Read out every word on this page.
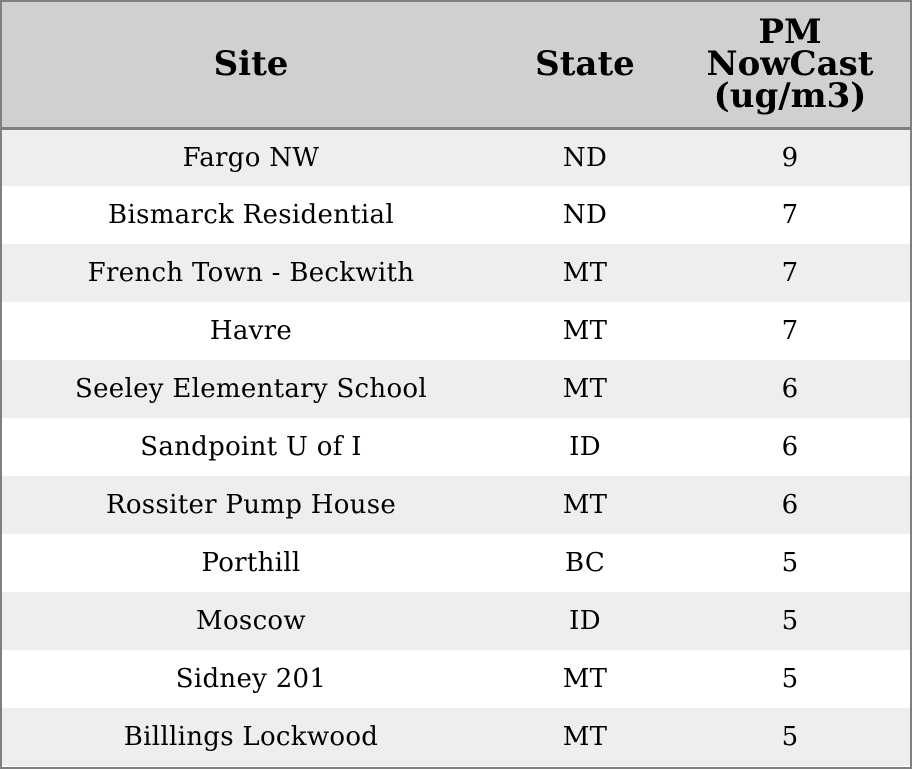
Site	State	PM
NowCast
(ug/m3)

Fargo NW	ND	9
Bismarck Residential	ND	7
French Town - Beckwith	MT	7
Havre	MT	7
Seeley Elementary School	MT	6
Sandpoint U of I	ID	6
Rossiter Pump House	MT	6
Porthill	BC	5
Moscow	ID	5
Sidney 201	MT	5
Billlings Lockwood	MT	5
